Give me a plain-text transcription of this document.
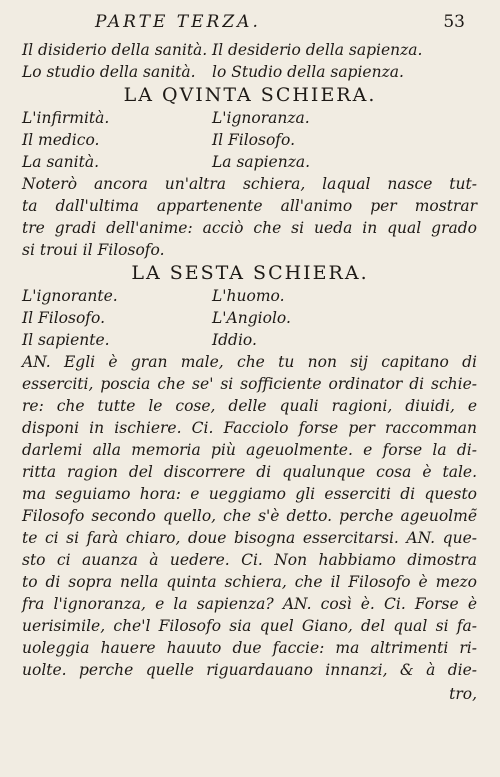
PARTE TERZA.	53
Il disiderio della sanità. Il desiderio della sapienza.
Lo studio della sanità. lo Studio della sapienza.
LA QVINTA SCHIERA.
L'infirmità.	L'ignoranza.
Il medico.	Il Filosofo.
La sanità.	La sapienza.
Noterò ancora un'altra schiera, laqual nasce tut-
ta dall'ultima appartenente all'animo per mostrar
tre gradi dell'anime: acciò che si ueda in qual grado
si troui il Filosofo.
LA SESTA SCHIERA.
L'ignorante.	L'huomo.
Il Filosofo.	L'Angiolo.
Il sapiente.	Iddio.
AN. Egli è gran male, che tu non sij capitano di
esserciti, poscia che se' si sofficiente ordinator di schie-
re: che tutte le cose, delle quali ragioni, diuidi, e
disponi in ischiere. Ci. Facciolo forse per raccomman
darlemi alla memoria più ageuolmente. e forse la di-
ritta ragion del discorrere di qualunque cosa è tale.
ma seguiamo hora: e ueggiamo gli esserciti di questo
Filosofo secondo quello, che s'è detto. perche ageuolmẽ
te ci si farà chiaro, doue bisogna essercitarsi. AN. que-
sto ci auanza à uedere. Ci. Non habbiamo dimostra
to di sopra nella quinta schiera, che il Filosofo è mezo
fra l'ignoranza, e la sapienza? AN. così è. Ci. Forse è
uerisimile, che'l Filosofo sia quel Giano, del qual si fa-
uoleggia hauere hauuto due faccie: ma altrimenti ri-
uolte. perche quelle riguardauano innanzi, & à die-
tro,
